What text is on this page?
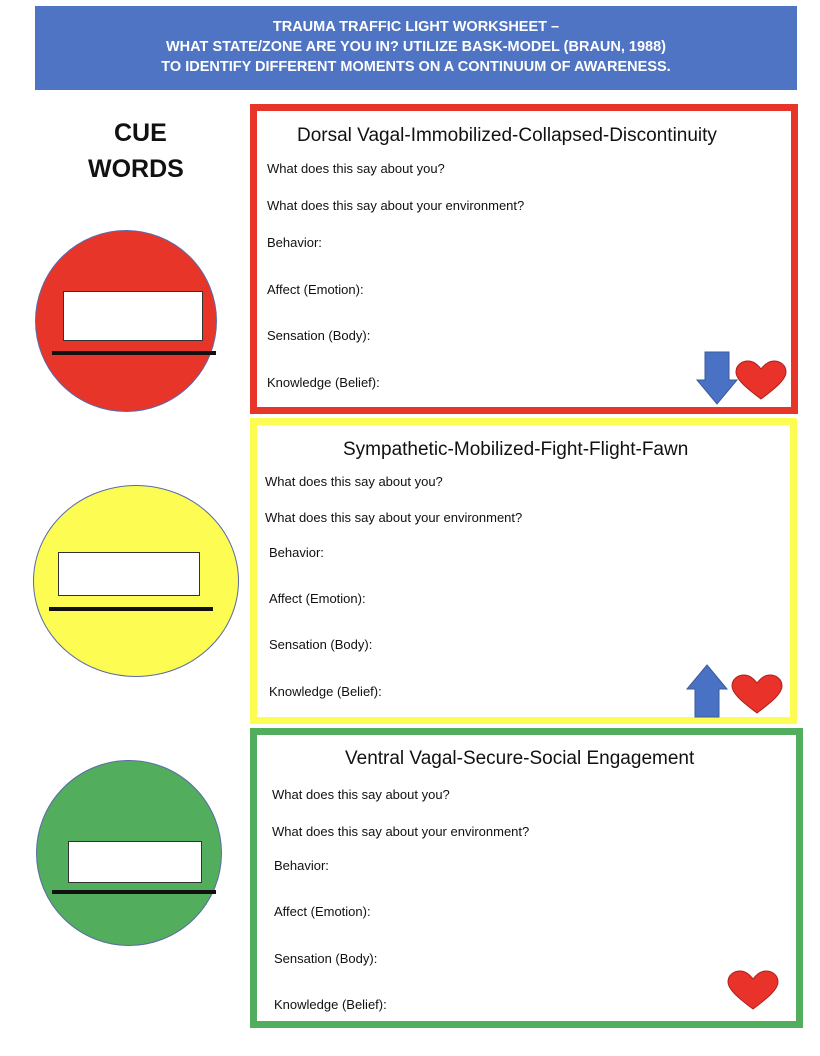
TRAUMA TRAFFIC LIGHT WORKSHEET –
WHAT STATE/ZONE ARE YOU IN? UTILIZE BASK-MODEL (BRAUN, 1988)
TO IDENTIFY DIFFERENT MOMENTS ON A CONTINUUM OF AWARENESS.
CUE
WORDS
Dorsal Vagal-Immobilized-Collapsed-Discontinuity
What does this say about you?
What does this say about your environment?
Behavior:
Affect (Emotion):
Sensation (Body):
Knowledge (Belief):
Sympathetic-Mobilized-Fight-Flight-Fawn
What does this say about you?
What does this say about your environment?
Behavior:
Affect (Emotion):
Sensation (Body):
Knowledge (Belief):
Ventral Vagal-Secure-Social Engagement
What does this say about you?
What does this say about your environment?
Behavior:
Affect (Emotion):
Sensation (Body):
Knowledge (Belief):
